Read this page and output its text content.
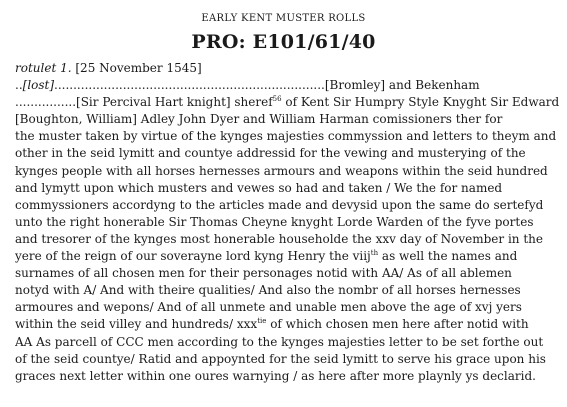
EARLY KENT MUSTER ROLLS
PRO: E101/61/40
rotulet 1. [25 November 1545]
..[lost].......................................................................[Bromley] and Bekenham
................[Sir Percival Hart knight] sheref$^{56}$ of Kent Sir Humpry Style Knyght Sir Edward
[Boughton, William] Adley John Dyer and William Harman comissioners ther for
the muster taken by virtue of the kynges majesties commyssion and letters to theym and
other in the seid lymitt and countye addressid for the vewing and musterying of the
kynges people with all horses hernesses armours and weapons within the seid hundred
and lymytt upon which musters and vewes so had and taken / We the for named
commyssioners accordyng to the articles made and devysid upon the same do sertefyd
unto the right honerable Sir Thomas Cheyne knyght Lorde Warden of the fyve portes
and tresorer of the kynges most honerable householde the xxv day of November in the
yere of the reign of our soverayne lord kyng Henry the viij$^{th}$ as well the names and
surnames of all chosen men for their personages notid with AA/ As of all ablemen
notyd with A/ And with theire qualities/ And also the nombr of all horses hernesses
armoures and wepons/ And of all unmete and unable men above the age of xvj yers
within the seid villey and hundreds/ xxx$^{tie}$ of which chosen men here after notid with
AA As parcell of CCC men according to the kynges majesties letter to be set forthe out
of the seid countye/ Ratid and appoynted for the seid lymitt to serve his grace upon his
graces next letter within one oures warnying / as here after more playnly ys declarid.
